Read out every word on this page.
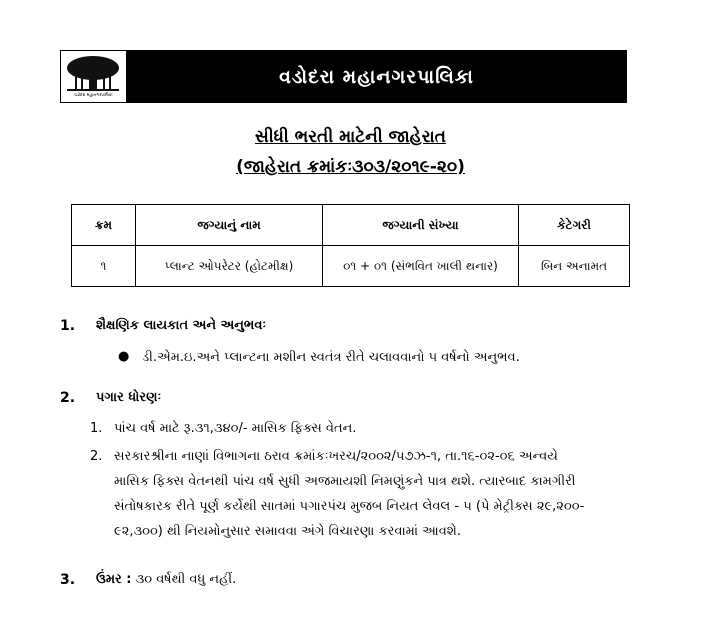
વડોદરા મહાનગરપાલિકા
વડોદરા મહાનગરપાલિકા
સીધી ભરતી માટેની જાહેરાત
(જાહેરાત ક્રમાંકઃ૩૦૩/૨૦૧૯-૨૦)
ક્રમ	જગ્યાનું નામ	જગ્યાની સંખ્યા	કેટેગરી
૧	પ્લાન્ટ ઓપરેટર (હોટમીક્ષ)	૦૧ + ૦૧ (સંભવિત ખાલી થનાર)	બિન અનામત
1. શૈક્ષણિક લાયકાત અને અનુભવઃ
● ડી.એમ.ઇ.અને પ્લાન્ટના મશીન સ્વતંત્ર રીતે ચલાવવાનો ૫ વર્ષનો અનુભવ.
2. પગાર ધોરણઃ
1. પાંચ વર્ષ માટે રૂ.૩૧,૩૪૦/- માસિક ફિક્સ વેતન.
2. સરકારશ્રીના નાણાં વિભાગના ઠરાવ ક્રમાંકઃખરચ/૨૦૦૨/૫૭ઝ-૧, તા.૧૬-૦૨-૦૬ અન્વયે
માસિક ફિક્સ વેતનથી પાંચ વર્ષ સુધી અજમાયશી નિમણુંકને પાત્ર થશે. ત્યારબાદ કામગીરી
સંતોષકારક રીતે પૂર્ણ કર્યેથી સાતમાં પગારપંચ મુજબ નિયત લેવલ - ૫ (પે મેટ્રીક્સ ૨૯,૨૦૦-
૯૨,૩૦૦) થી નિયમોનુસાર સમાવવા અંગે વિચારણા કરવામાં આવશે.
3. ઉંમર : ૩૦ વર્ષથી વધુ નહીં.
